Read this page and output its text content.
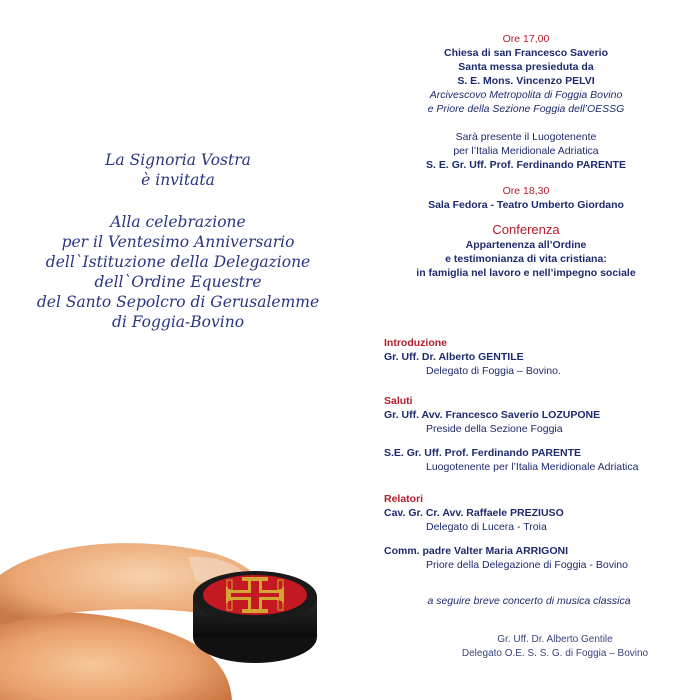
La Signoria Vostra
è invitata
Alla celebrazione
per il Ventesimo Anniversario
dell`Istituzione della Delegazione
dell`Ordine Equestre
del Santo Sepolcro di Gerusalemme
di Foggia-Bovino
Ore 17,00
Chiesa di san Francesco Saverio
Santa messa presieduta da
S. E. Mons. Vincenzo PELVI
Arcivescovo Metropolita di Foggia Bovino
e Priore della Sezione Foggia dell’OESSG
Sarà presente il Luogotenente
per l’Italia Meridionale Adriatica
S. E. Gr. Uff. Prof. Ferdinando PARENTE
Ore 18,30
Sala Fedora - Teatro Umberto Giordano
Conferenza
Appartenenza all’Ordine
e testimonianza di vita cristiana:
in famiglia nel lavoro e nell’impegno sociale
Introduzione
Gr. Uff. Dr. Alberto GENTILE
Delegato di Foggia – Bovino.
Saluti
Gr. Uff. Avv. Francesco Saverio LOZUPONE
Preside della Sezione Foggia
S.E. Gr. Uff. Prof. Ferdinando PARENTE
Luogotenente per l’Italia Meridionale Adriatica
Relatori
Cav. Gr. Cr. Avv. Raffaele PREZIUSO
Delegato di Lucera - Troia
Comm. padre Valter Maria ARRIGONI
Priore della Delegazione di Foggia - Bovino
a seguire breve concerto di musica classica
Gr. Uff. Dr. Alberto Gentile
Delegato O.E. S. S. G. di Foggia – Bovino
